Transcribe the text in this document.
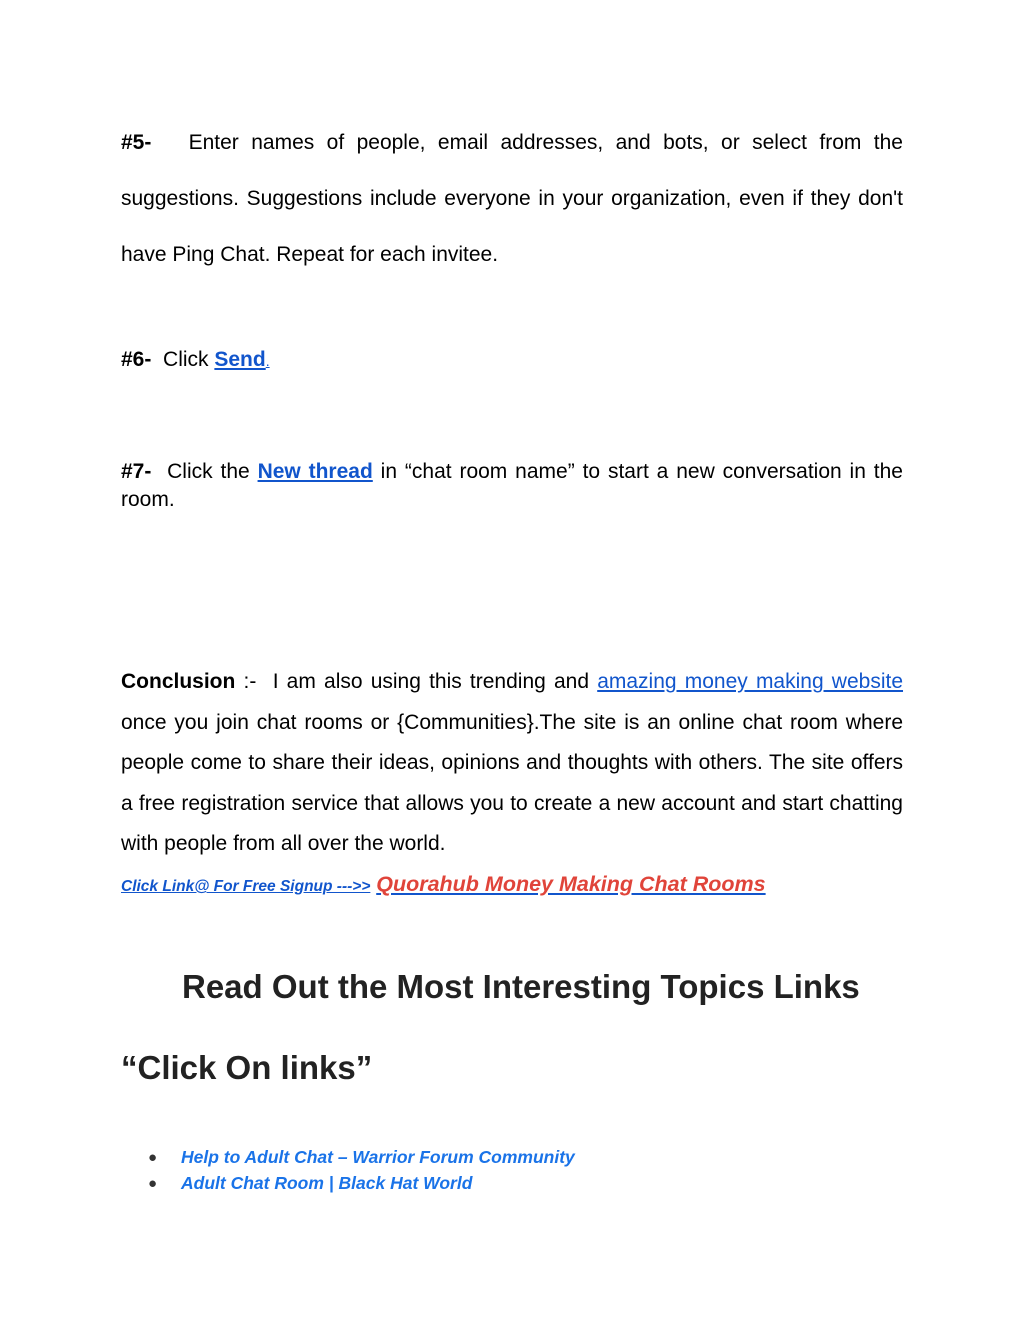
#5- Enter names of people, email addresses, and bots, or select from the suggestions. Suggestions include everyone in your organization, even if they don't have Ping Chat. Repeat for each invitee.

#6- Click Send.

#7- Click the New thread in “chat room name” to start a new conversation in the room.

Conclusion :- I am also using this trending and amazing money making website once you join chat rooms or {Communities}.The site is an online chat room where people come to share their ideas, opinions and thoughts with others. The site offers a free registration service that allows you to create a new account and start chatting with people from all over the world.

Click Link@ For Free Signup --->> Quorahub Money Making Chat Rooms

Read Out the Most Interesting Topics Links
“Click On links”
● Help to Adult Chat – Warrior Forum Community
● Adult Chat Room | Black Hat World
